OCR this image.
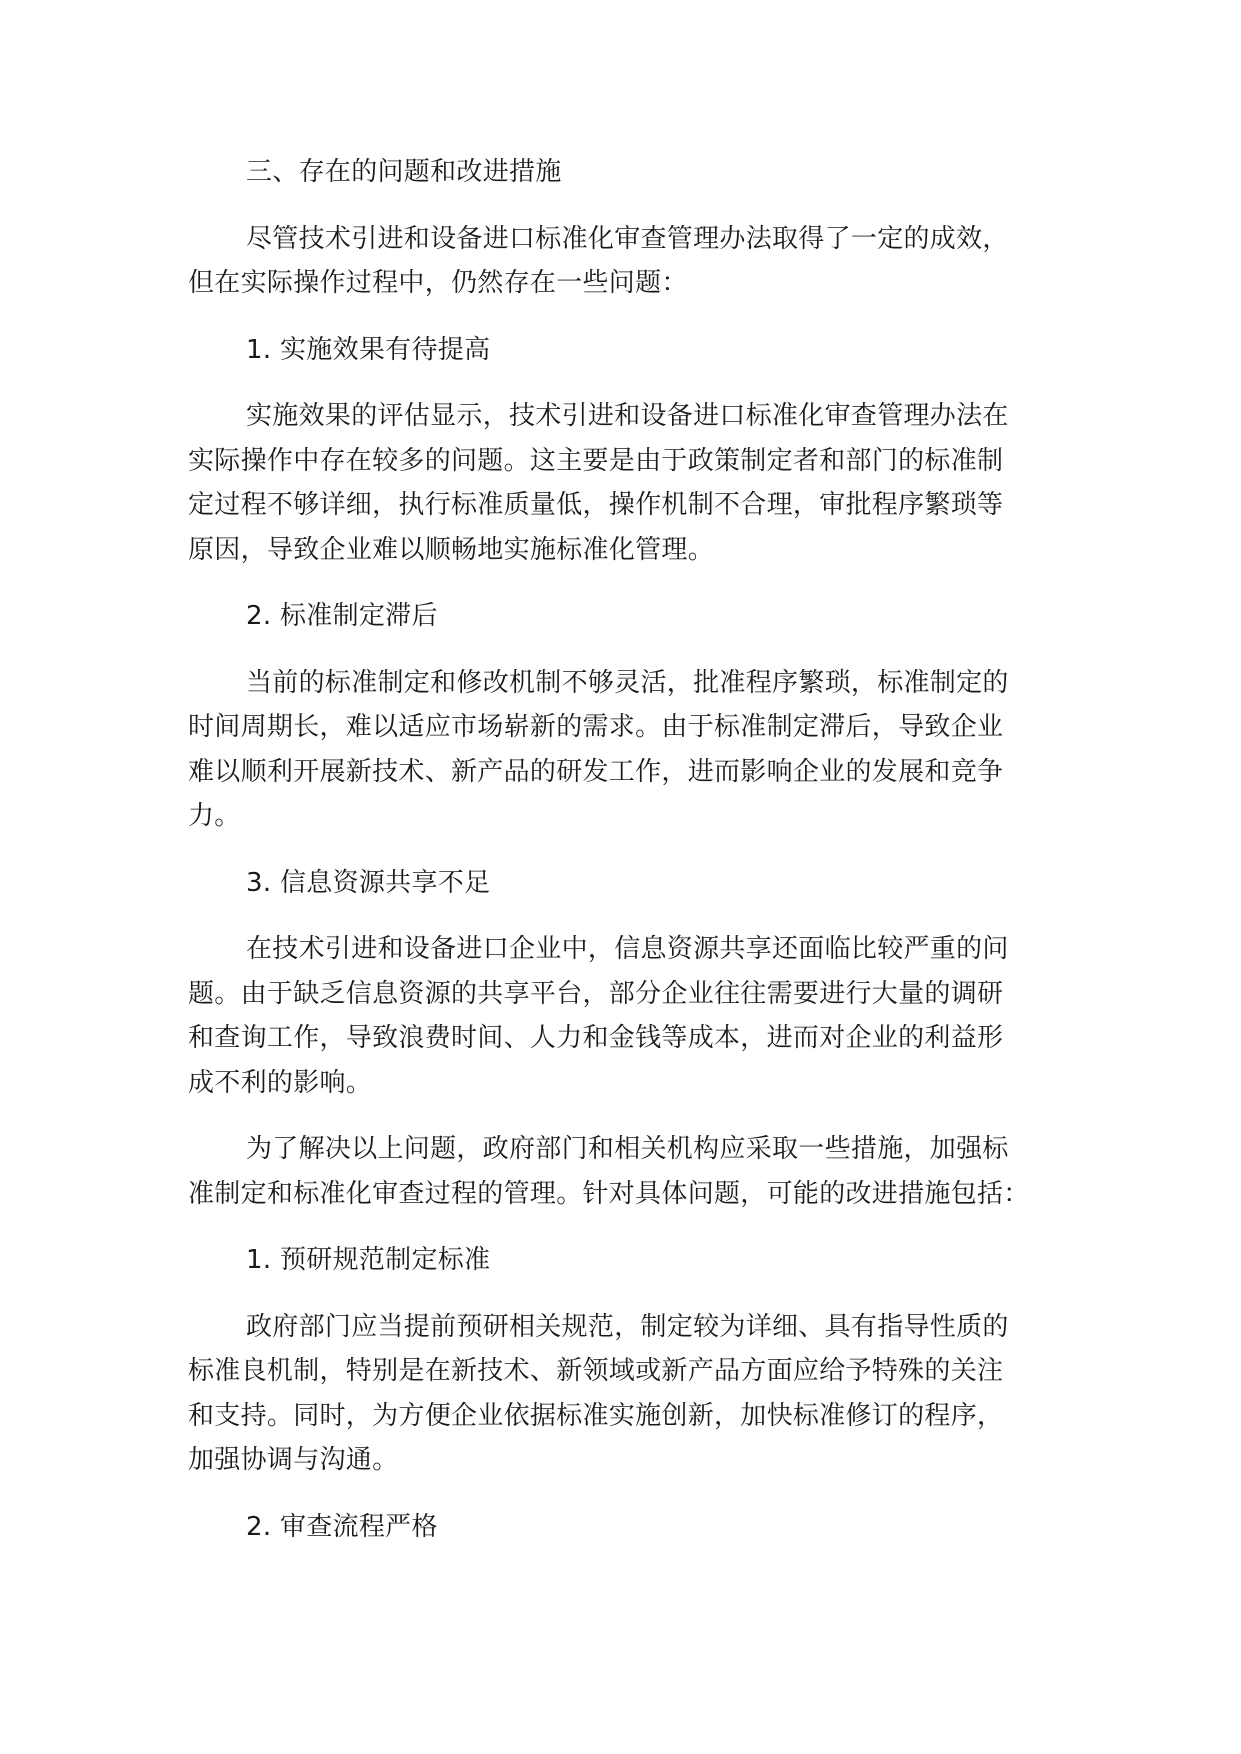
三、存在的问题和改进措施

尽管技术引进和设备进口标准化审查管理办法取得了一定的成效，

但在实际操作过程中，仍然存在一些问题：

1. 实施效果有待提高

实施效果的评估显示，技术引进和设备进口标准化审查管理办法在

实际操作中存在较多的问题。这主要是由于政策制定者和部门的标准制

定过程不够详细，执行标准质量低，操作机制不合理，审批程序繁琐等

原因，导致企业难以顺畅地实施标准化管理。

2. 标准制定滞后

当前的标准制定和修改机制不够灵活，批准程序繁琐，标准制定的

时间周期长，难以适应市场崭新的需求。由于标准制定滞后，导致企业

难以顺利开展新技术、新产品的研发工作，进而影响企业的发展和竞争

力。

3. 信息资源共享不足

在技术引进和设备进口企业中，信息资源共享还面临比较严重的问

题。由于缺乏信息资源的共享平台，部分企业往往需要进行大量的调研

和查询工作，导致浪费时间、人力和金钱等成本，进而对企业的利益形

成不利的影响。

为了解决以上问题，政府部门和相关机构应采取一些措施，加强标

准制定和标准化审查过程的管理。针对具体问题，可能的改进措施包括：

1. 预研规范制定标准

政府部门应当提前预研相关规范，制定较为详细、具有指导性质的

标准良机制，特别是在新技术、新领域或新产品方面应给予特殊的关注

和支持。同时，为方便企业依据标准实施创新，加快标准修订的程序，

加强协调与沟通。

2. 审查流程严格
